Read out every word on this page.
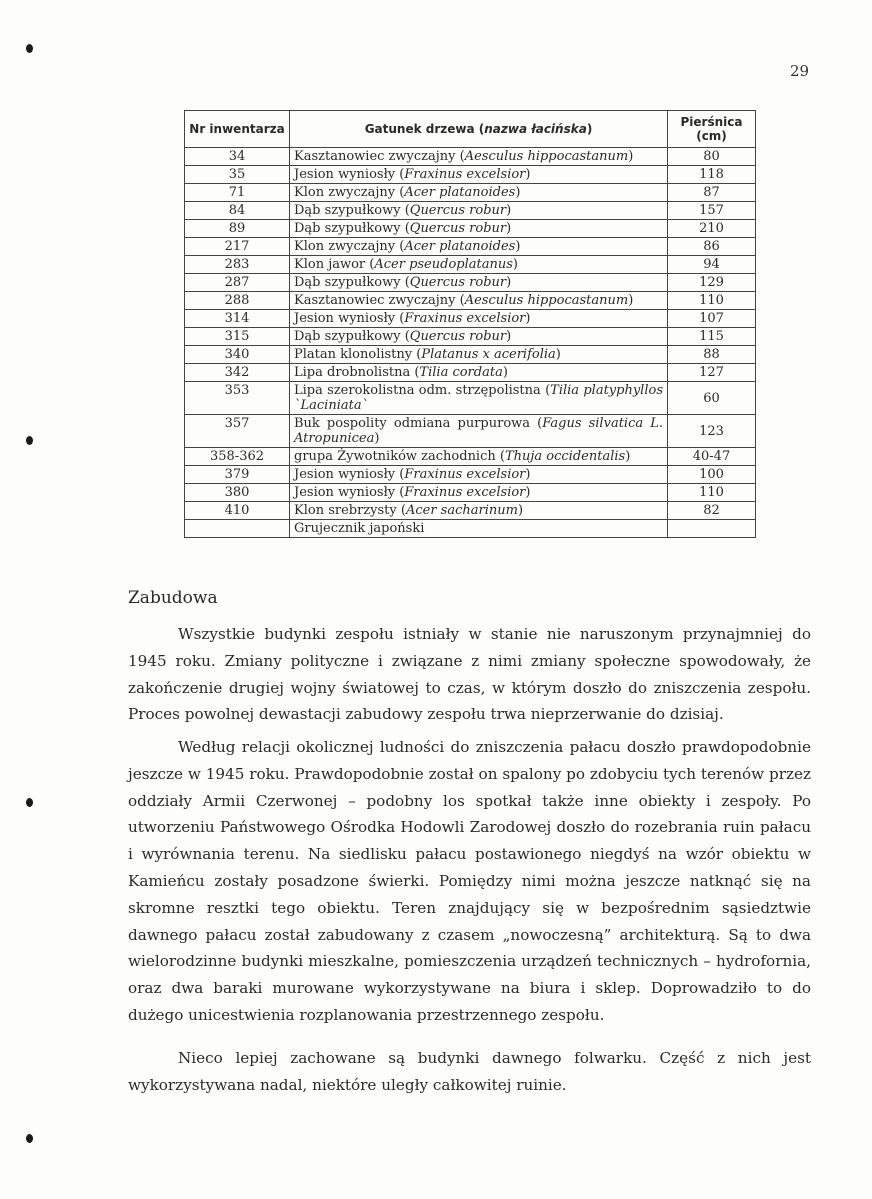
29
Nr inwentarza	Gatunek drzewa (nazwa łacińska)	Pierśnica (cm)
34	Kasztanowiec zwyczajny (Aesculus hippocastanum)	80
35	Jesion wyniosły (Fraxinus excelsior)	118
71	Klon zwyczajny (Acer platanoides)	87
84	Dąb szypułkowy (Quercus robur)	157
89	Dąb szypułkowy (Quercus robur)	210
217	Klon zwyczajny (Acer platanoides)	86
283	Klon jawor (Acer pseudoplatanus)	94
287	Dąb szypułkowy (Quercus robur)	129
288	Kasztanowiec zwyczajny (Aesculus hippocastanum)	110
314	Jesion wyniosły (Fraxinus excelsior)	107
315	Dąb szypułkowy (Quercus robur)	115
340	Platan klonolistny (Platanus x acerifolia)	88
342	Lipa drobnolistna (Tilia cordata)	127
353	Lipa szerokolistna odm. strzępolistna (Tilia platyphyllos `Laciniata`	60
357	Buk pospolity odmiana purpurowa (Fagus silvatica L. Atropunicea)	123
358-362	grupa Żywotników zachodnich (Thuja occidentalis)	40-47
379	Jesion wyniosły (Fraxinus excelsior)	100
380	Jesion wyniosły (Fraxinus excelsior)	110
410	Klon srebrzysty (Acer sacharinum)	82
	Grujecznik japoński	
Zabudowa

Wszystkie budynki zespołu istniały w stanie nie naruszonym przynajmniej do 1945 roku. Zmiany polityczne i związane z nimi zmiany społeczne spowodowały, że zakończenie drugiej wojny światowej to czas, w którym doszło do zniszczenia zespołu. Proces powolnej dewastacji zabudowy zespołu trwa nieprzerwanie do dzisiaj.

Według relacji okolicznej ludności do zniszczenia pałacu doszło prawdopodobnie jeszcze w 1945 roku. Prawdopodobnie został on spalony po zdobyciu tych terenów przez oddziały Armii Czerwonej – podobny los spotkał także inne obiekty i zespoły. Po utworzeniu Państwowego Ośrodka Hodowli Zarodowej doszło do rozebrania ruin pałacu i wyrównania terenu. Na siedlisku pałacu postawionego niegdyś na wzór obiektu w Kamieńcu zostały posadzone świerki. Pomiędzy nimi można jeszcze natknąć się na skromne resztki tego obiektu. Teren znajdujący się w bezpośrednim sąsiedztwie dawnego pałacu został zabudowany z czasem „nowoczesną” architekturą. Są to dwa wielorodzinne budynki mieszkalne, pomieszczenia urządzeń technicznych – hydrofornia, oraz dwa baraki murowane wykorzystywane na biura i sklep. Doprowadziło to do dużego unicestwienia rozplanowania przestrzennego zespołu.

Nieco lepiej zachowane są budynki dawnego folwarku. Część z nich jest wykorzystywana nadal, niektóre uległy całkowitej ruinie.
